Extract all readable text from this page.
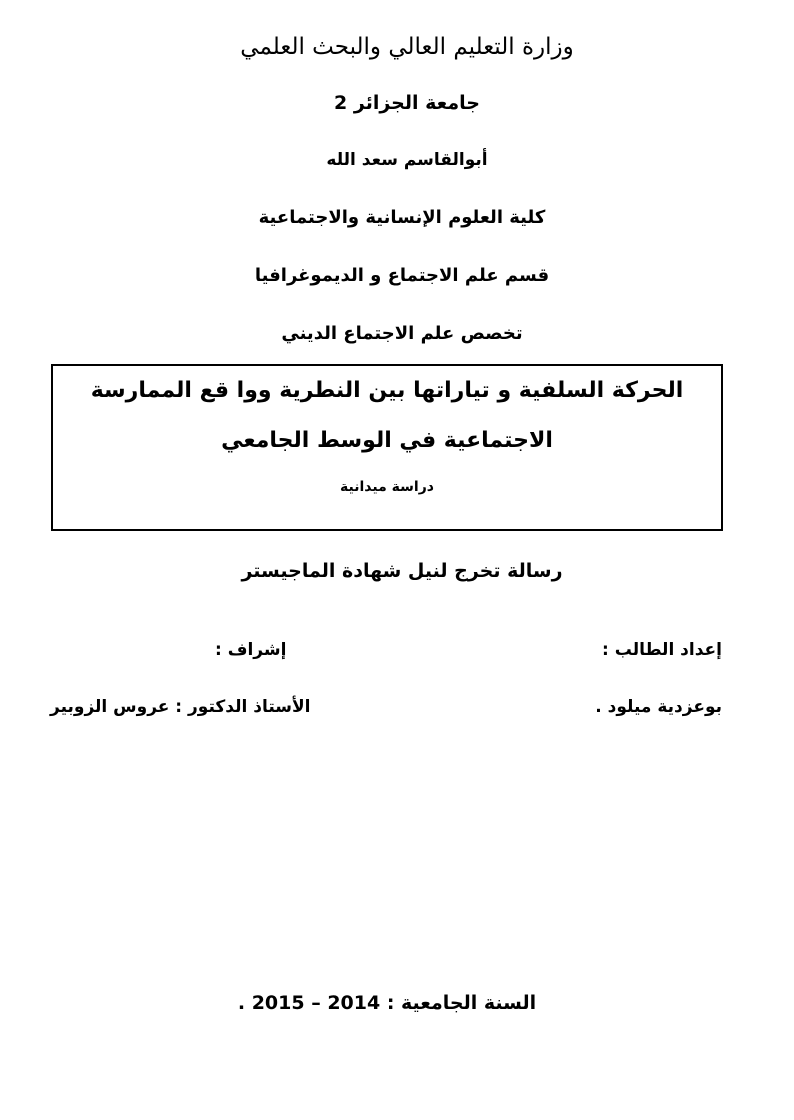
وزارة التعليم العالي والبحث العلمي

جامعة الجزائر 2

أبوالقاسم سعد الله

كلية العلوم الإنسانية والاجتماعية

قسم علم الاجتماع و الديموغرافيا

تخصص علم الاجتماع الديني

الحركة السلفية و تياراتها بين النطرية ووا قع الممارسة
الاجتماعية في الوسط الجامعي
دراسة ميدانية

رسالة تخرج لنيل شهادة الماجيستر

إعداد الطالب :
إشراف :
بوعزدية ميلود .
الأستاذ الدكتور : عروس الزوبير

السنة الجامعية : 2014 – 2015 .
